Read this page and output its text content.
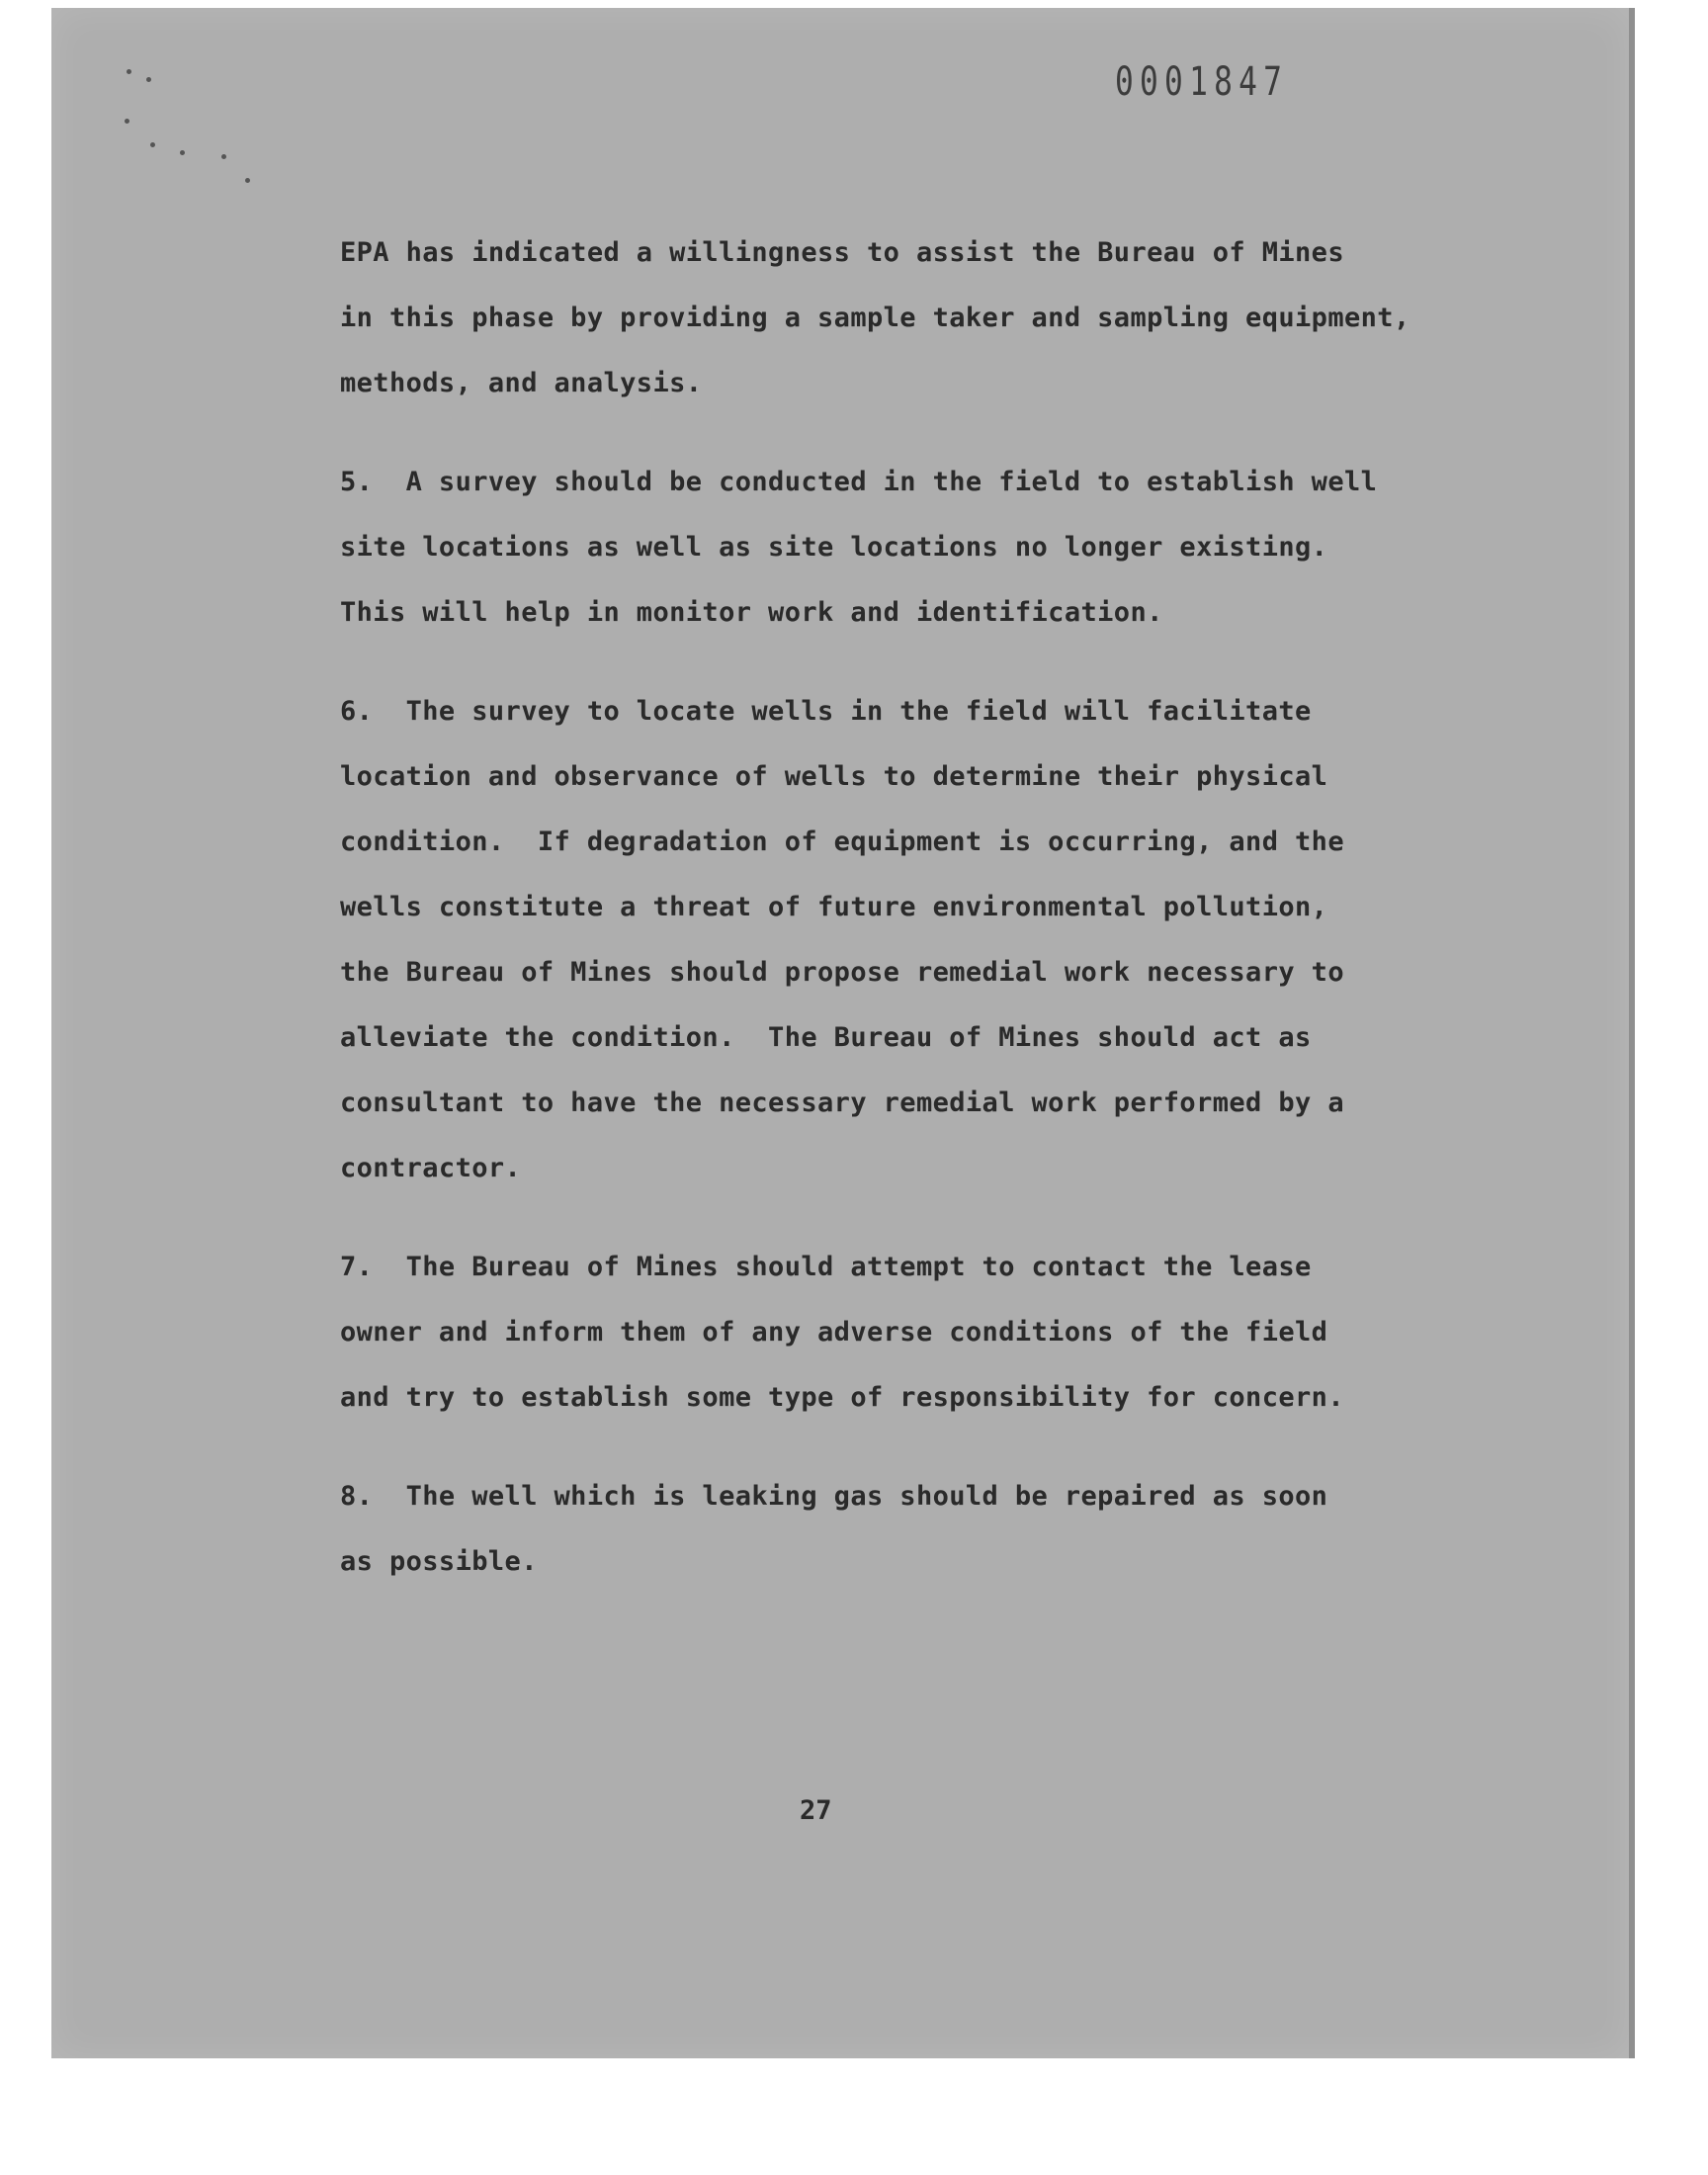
0001847

EPA has indicated a willingness to assist the Bureau of Mines

in this phase by providing a sample taker and sampling equipment,

methods, and analysis.

5.  A survey should be conducted in the field to establish well

site locations as well as site locations no longer existing.

This will help in monitor work and identification.

6.  The survey to locate wells in the field will facilitate

location and observance of wells to determine their physical

condition.  If degradation of equipment is occurring, and the

wells constitute a threat of future environmental pollution,

the Bureau of Mines should propose remedial work necessary to

alleviate the condition.  The Bureau of Mines should act as

consultant to have the necessary remedial work performed by a

contractor.

7.  The Bureau of Mines should attempt to contact the lease

owner and inform them of any adverse conditions of the field

and try to establish some type of responsibility for concern.

8.  The well which is leaking gas should be repaired as soon

as possible.

27
